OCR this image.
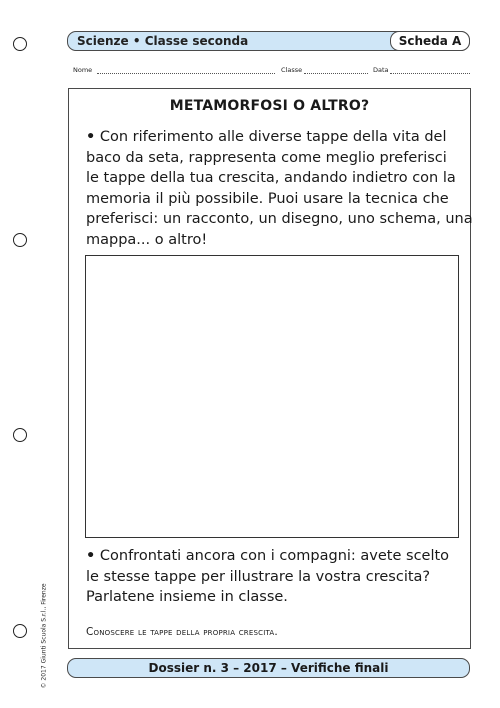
Scienze • Classe seconda	Scheda A
Nome	Classe	Data
METAMORFOSI O ALTRO?
• Con riferimento alle diverse tappe della vita del
baco da seta, rappresenta come meglio preferisci
le tappe della tua crescita, andando indietro con la
memoria il più possibile. Puoi usare la tecnica che
preferisci: un racconto, un disegno, uno schema, una
mappa... o altro!
• Confrontati ancora con i compagni: avete scelto
le stesse tappe per illustrare la vostra crescita?
Parlatene insieme in classe.
Conoscere le tappe della propria crescita.
© 2017 Giunti Scuola S.r.l., Firenze	Dossier n. 3 – 2017 – Verifiche finali
